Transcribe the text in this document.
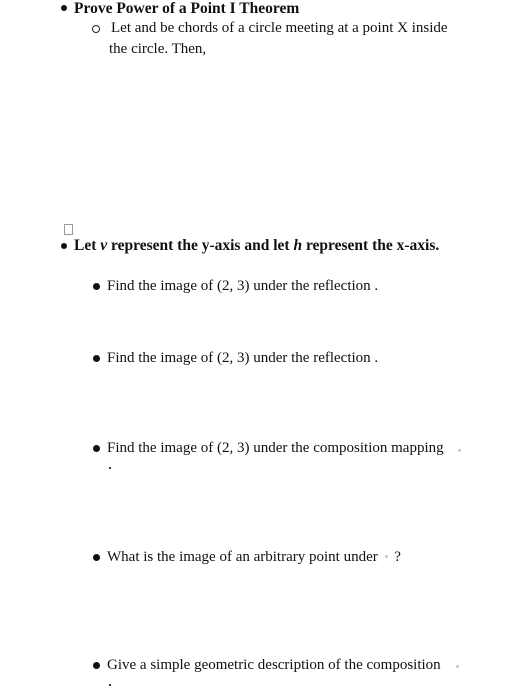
Prove Power of a Point I Theorem
Let and be chords of a circle meeting at a point X inside
the circle. Then,
Let v represent the y-axis and let h represent the x-axis.
Find the image of (2, 3) under the reflection .
Find the image of (2, 3) under the reflection .
Find the image of (2, 3) under the composition mapping
What is the image of an arbitrary point under ?
Give a simple geometric description of the composition
